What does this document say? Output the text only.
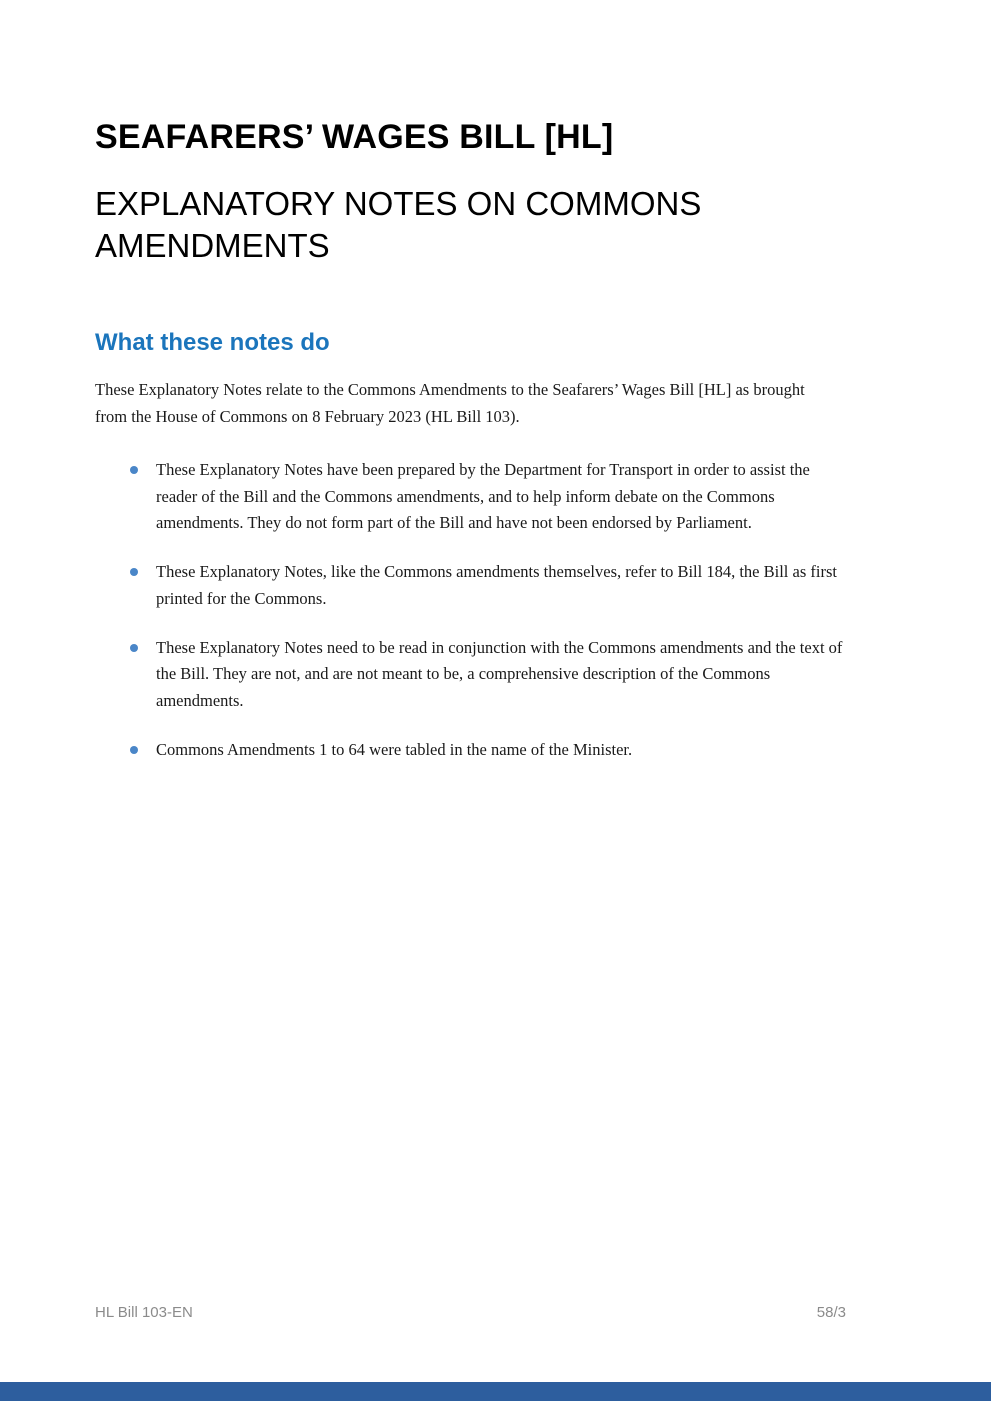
SEAFARERS’ WAGES BILL [HL]
EXPLANATORY NOTES ON COMMONS AMENDMENTS
What these notes do

These Explanatory Notes relate to the Commons Amendments to the Seafarers’ Wages Bill [HL] as brought from the House of Commons on 8 February 2023 (HL Bill 103).

These Explanatory Notes have been prepared by the Department for Transport in order to assist the reader of the Bill and the Commons amendments, and to help inform debate on the Commons amendments. They do not form part of the Bill and have not been endorsed by Parliament.
These Explanatory Notes, like the Commons amendments themselves, refer to Bill 184, the Bill as first printed for the Commons.
These Explanatory Notes need to be read in conjunction with the Commons amendments and the text of the Bill. They are not, and are not meant to be, a comprehensive description of the Commons amendments.
Commons Amendments 1 to 64 were tabled in the name of the Minister.
HL Bill 103-EN	58/3
